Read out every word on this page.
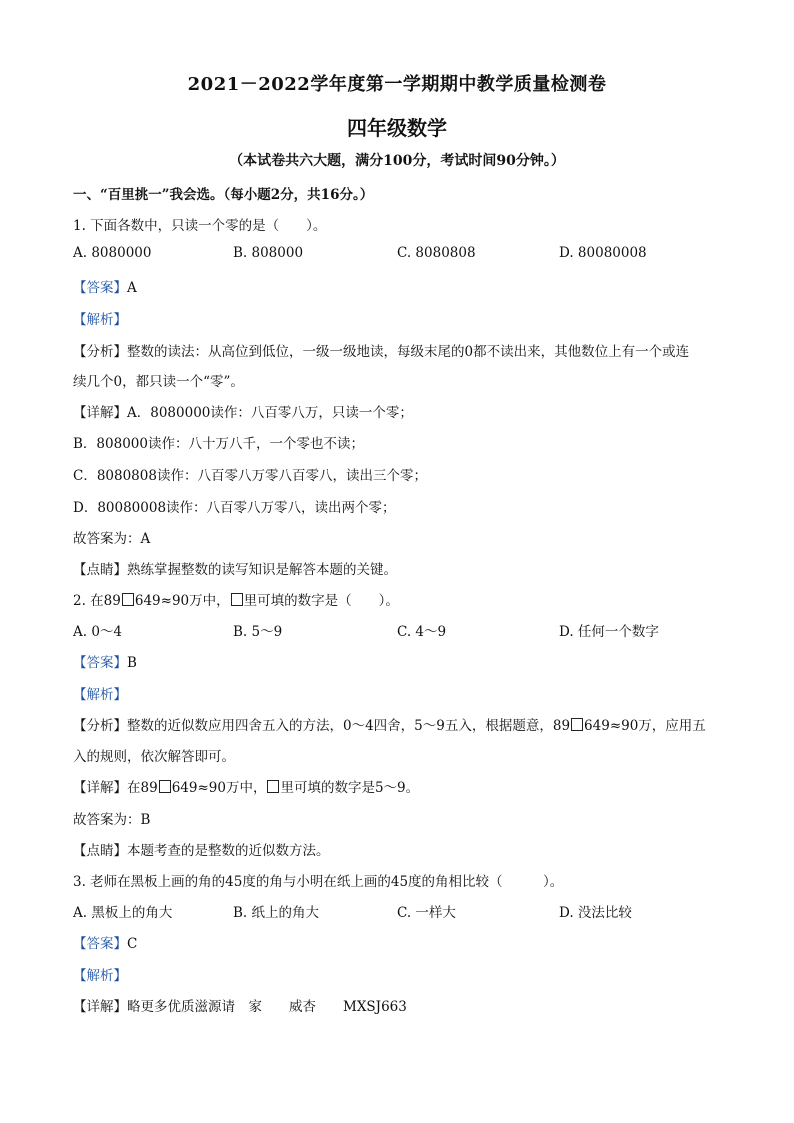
2021－2022学年度第一学期期中教学质量检测卷
四年级数学
（本试卷共六大题，满分100分，考试时间90分钟。）
一、“百里挑一”我会选。（每小题2分，共16分。）
1. 下面各数中，只读一个零的是（　　）。
A. 8080000	B. 808000	C. 8080808	D. 80080008
【答案】A
【解析】
【分析】整数的读法：从高位到低位，一级一级地读，每级末尾的0都不读出来，其他数位上有一个或连
续几个0，都只读一个“零”。
【详解】A．8080000读作：八百零八万，只读一个零；
B．808000读作：八十万八千，一个零也不读；
C．8080808读作：八百零八万零八百零八，读出三个零；
D．80080008读作：八百零八万零八，读出两个零；
故答案为：A
【点睛】熟练掌握整数的读写知识是解答本题的关键。
2. 在89 649≈90万中， 里可填的数字是（　　）。
A. 0～4	B. 5～9	C. 4～9	D. 任何一个数字
【答案】B
【解析】
【分析】整数的近似数应用四舍五入的方法，0～4四舍，5～9五入，根据题意，89 649≈90万，应用五
入的规则，依次解答即可。
【详解】在89 649≈90万中， 里可填的数字是5～9。
故答案为：B
【点睛】本题考查的是整数的近似数方法。
3. 老师在黑板上画的角的45度的角与小明在纸上画的45度的角相比较（　　　）。
A. 黑板上的角大	B. 纸上的角大	C. 一样大	D. 没法比较
【答案】C
【解析】
【详解】略更多优质滋源请　家　　威杏　　MXSJ663
